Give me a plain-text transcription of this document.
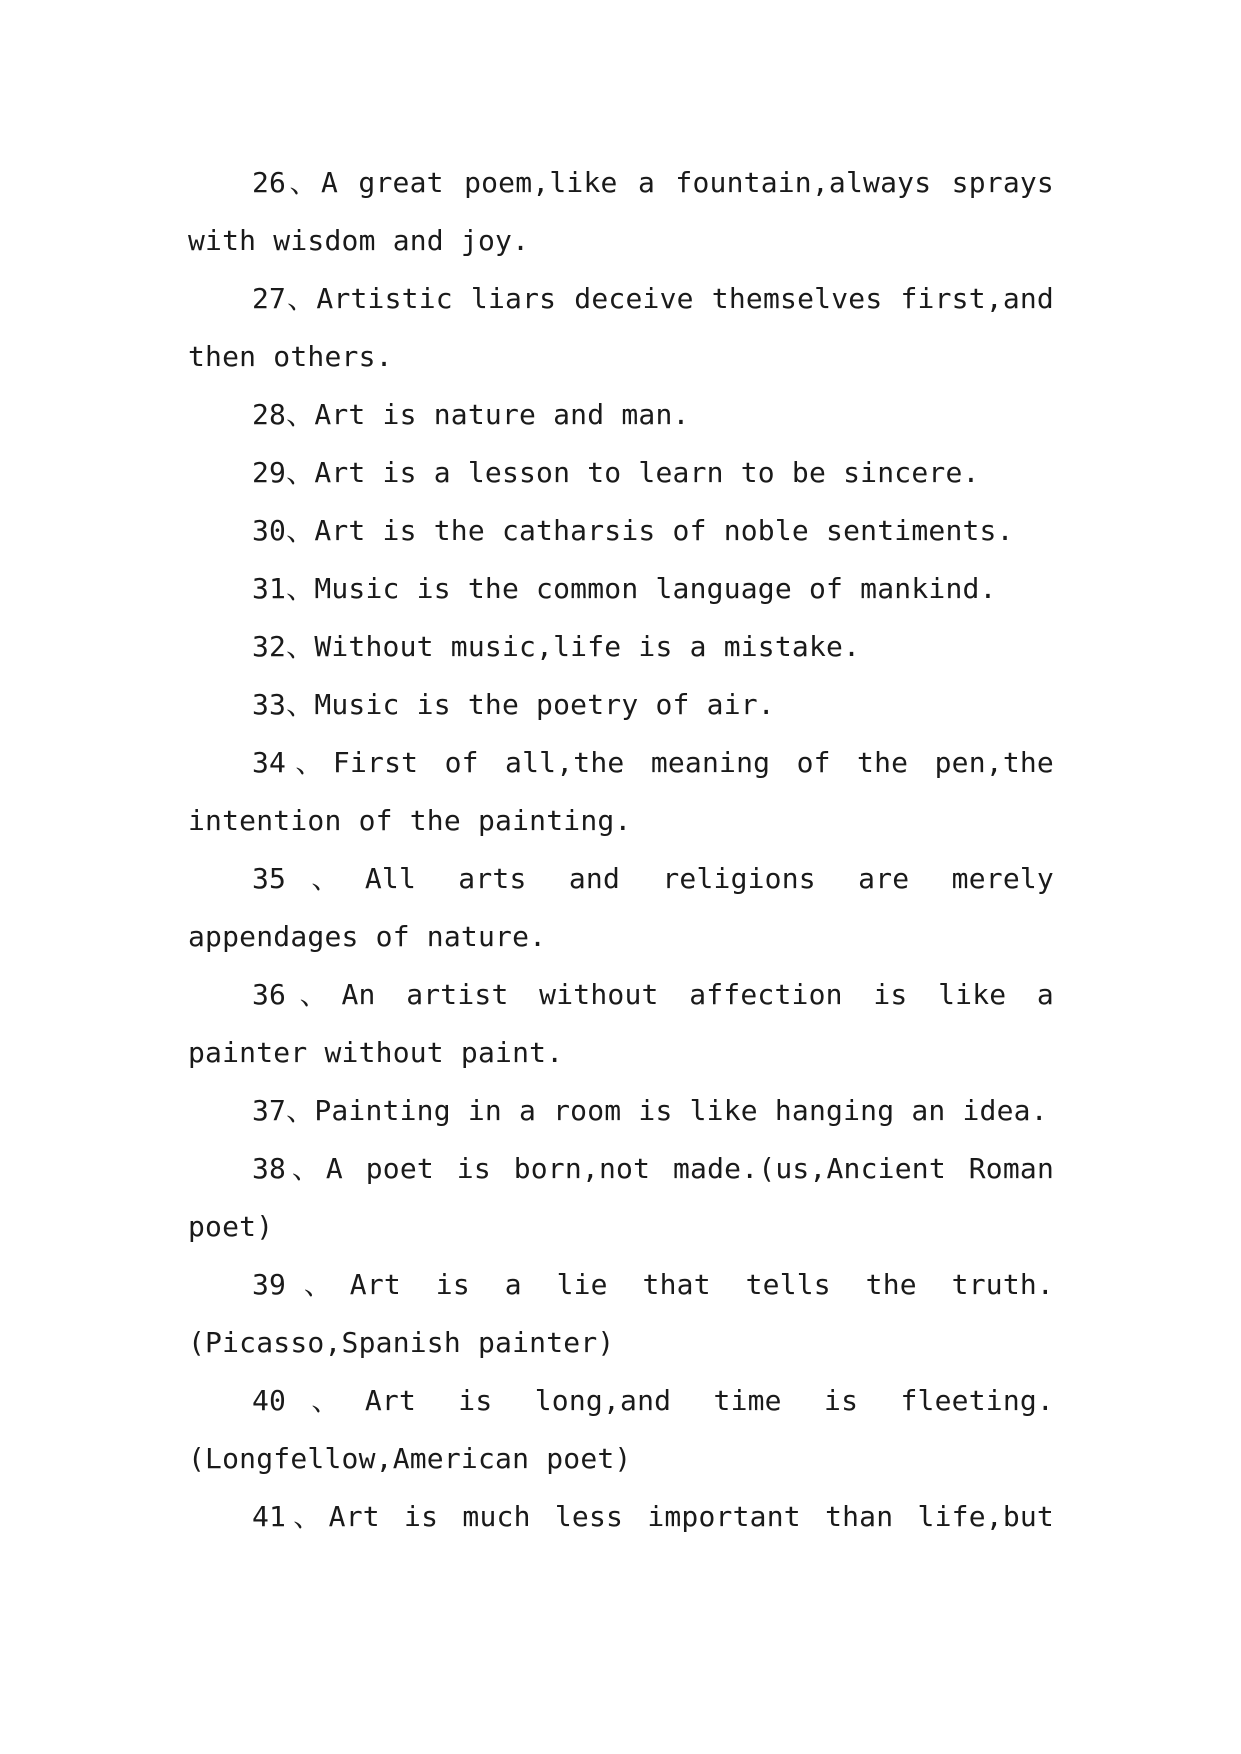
26、A great poem,like a fountain,always sprays with wisdom and joy.

27、Artistic liars deceive themselves first,and then others.

28、Art is nature and man.

29、Art is a lesson to learn to be sincere.

30、Art is the catharsis of noble sentiments.

31、Music is the common language of mankind.

32、Without music,life is a mistake.

33、Music is the poetry of air.

34、First of all,the meaning of the pen,the intention of the painting.

35、All arts and religions are merely appendages of nature.

36、An artist without affection is like a painter without paint.

37、Painting in a room is like hanging an idea.

38、A poet is born,not made.(us,Ancient Roman poet)

39、Art is a lie that tells the truth.(Picasso,Spanish painter)

40、Art is long,and time is fleeting.(Longfellow,American poet)

41、Art is much less important than life,but
